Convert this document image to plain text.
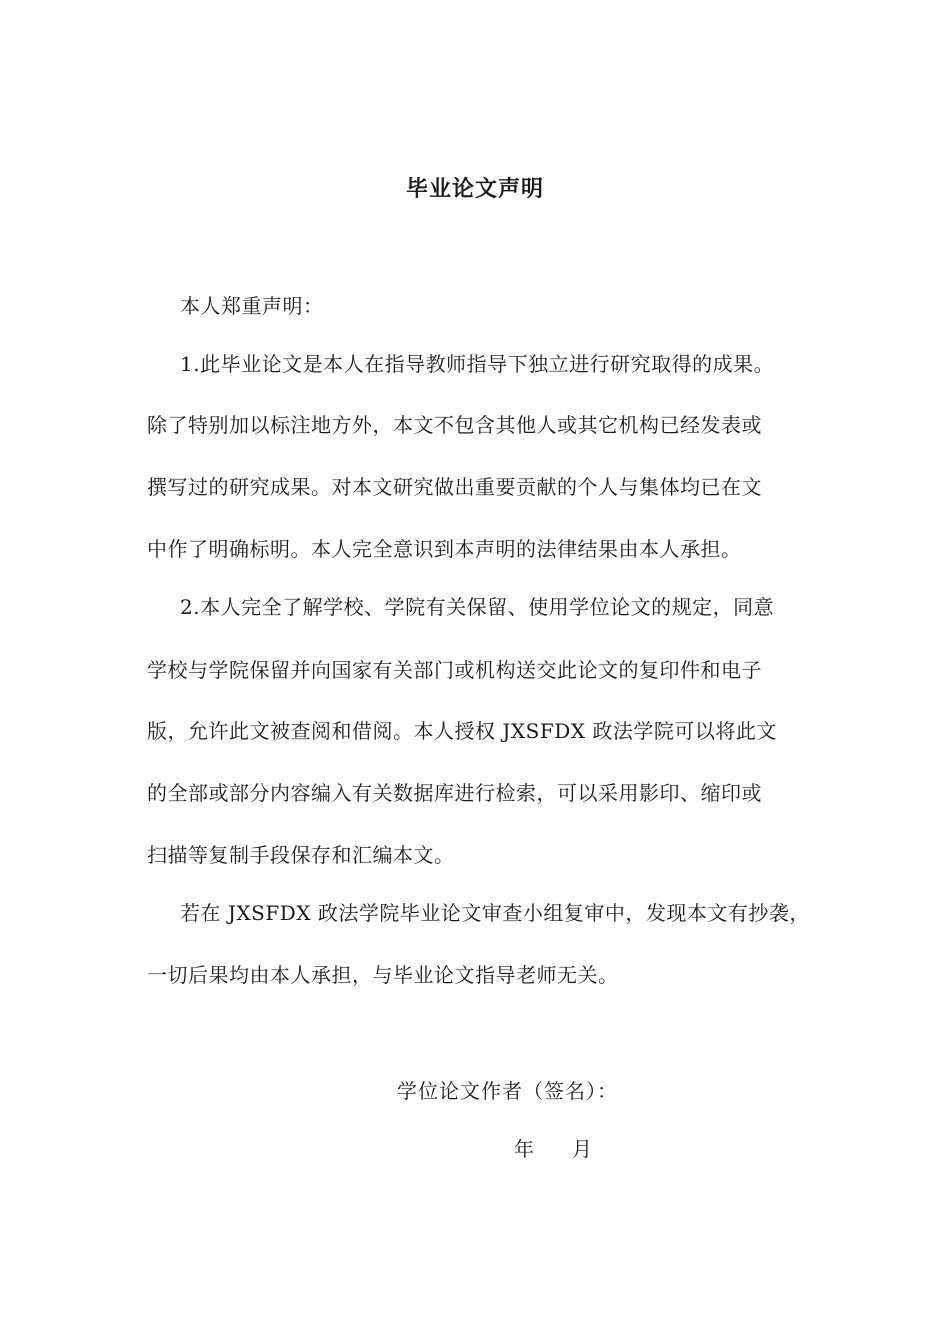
毕业论文声明
本人郑重声明：
1.此毕业论文是本人在指导教师指导下独立进行研究取得的成果。
除了特别加以标注地方外，本文不包含其他人或其它机构已经发表或
撰写过的研究成果。对本文研究做出重要贡献的个人与集体均已在文
中作了明确标明。本人完全意识到本声明的法律结果由本人承担。
2.本人完全了解学校、学院有关保留、使用学位论文的规定，同意
学校与学院保留并向国家有关部门或机构送交此论文的复印件和电子
版，允许此文被查阅和借阅。本人授权 JXSFDX 政法学院可以将此文
的全部或部分内容编入有关数据库进行检索，可以采用影印、缩印或
扫描等复制手段保存和汇编本文。
若在 JXSFDX 政法学院毕业论文审查小组复审中，发现本文有抄袭，
一切后果均由本人承担，与毕业论文指导老师无关。
学位论文作者（签名）：
年 月
